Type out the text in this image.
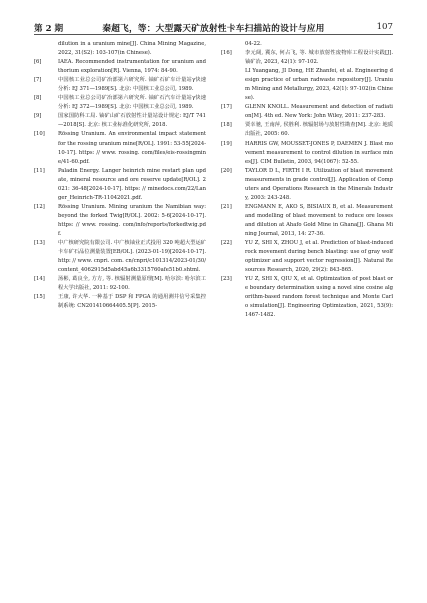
第 2 期	秦超飞，等：大型露天矿放射性卡车扫描站的设计与应用	107

dilution in a uranium mine[J]. China Mining Magazine, 2022, 31(S2): 103-107(in Chinese).

[6]	IAEA. Recommended instrumentation for uranium and thorium exploration[R]. Vienna, 1974: 84-90.

[7]	中国核工业总公司矿冶部第六研究所. 铀矿石矿车计量站γ快速分析: EJ 371—1989[S]. 北京: 中国核工业总公司, 1989.

[8]	中国核工业总公司矿冶部第六研究所. 铀矿石汽车计量站γ快速分析: EJ 372—1989[S]. 北京: 中国核工业总公司, 1989.

[9]	国家国防科工局. 铀矿山矿石放射性计量站设计规定: EJ/T 741—2018[S]. 北京: 核工业标准化研究所, 2018.

[10]	Rössing Uranium. An environmental impact statement for the rossing uranium mine[R/OL]. 1991: 53-55[2024-10-17]. https: // www. rossing. com/files/eis-rossingmine/41-60.pdf.

[11]	Paladin Energy. Langer heinrich mine restart plan update, mineral resource and ore reserve update[R/OL]. 2021: 36-48[2024-10-17]. https: // minedocs.com/22/Langer_Heinrich-TR-11042021.pdf.

[12]	Rössing Uranium. Mining uranium the Namibian way: beyond the forked Twig[R/OL]. 2002: 5-6[2024-10-17]. https: // www. rossing. com/info/reports/forkedtwig.pdf.

[13]	中广核研究院有限公司. 中广核铀业正式投用 320 吨超大型运矿卡车矿石品位测量装置[EB/OL]. (2023-01-19)[2024-10-17]. http: // www. cnpri. com. cn/cnpri/c101314/2023-01/30/content_4062915d5abd45a6b3315760afe51b0.shtml.

[14]	汤彬, 葛良全, 方方, 等. 核辐射测量原理[M]. 哈尔滨: 哈尔滨工程大学出版社, 2011: 92-100.

[15]	王康, 许大华. 一种基于 DSP 和 FPGA 的通用测井信号采集控制系统: CN201410664405.5[P]. 2015-

04-22.

[16]	李元阔, 冀东, 何占飞, 等. 城市放射性废物库工程设计实践[J]. 铀矿冶, 2023, 42(1): 97-102.

LI Yuangang, JI Dong, HE Zhanfei, et al. Engineering design practice of urban radwaste repository[J]. Uranium Mining and Metallurgy, 2023, 42(1): 97-102(in Chinese).

[17]	GLENN KNOLL. Measurement and detection of radiation[M]. 4th ed. New York: John Wiley, 2011: 237-283.

[18]	贾幸驰, 王南萍, 侯胜利. 核辐射场与放射性勘查[M]. 北京: 地质出版社, 2005: 60.

[19]	HARRIS GW, MOUSSET-JONES P, DAEMEN J. Blast movement measurement to control dilution in surface mines[J]. CIM Bulletin, 2003, 94(1067): 52-55.

[20]	TAYLOR D L, FIRTH I R. Utilization of blast movement measurements in grade control[J]. Application of Computers and Operations Research in the Minerals Industry, 2003: 243-248.

[21]	ENGMANN E, AKO S, BISIAUX B, et al. Measurement and modelling of blast movement to reduce ore losses and dilution at Ahafo Gold Mine in Ghana[J]. Ghana Mining Journal, 2013, 14: 27-36.

[22]	YU Z, SHI X, ZHOU J, et al. Prediction of blast-induced rock movement during bench blasting: use of gray wolf optimizer and support vector regression[J]. Natural Resources Research, 2020, 29(2): 843-865.

[23]	YU Z, SHI X, QIU X, et al. Optimization of post blast ore boundary determination using a novel sine cosine algorithm-based random forest technique and Monte Carlo simulation[J]. Engineering Optimization, 2021, 53(9): 1467-1482.
